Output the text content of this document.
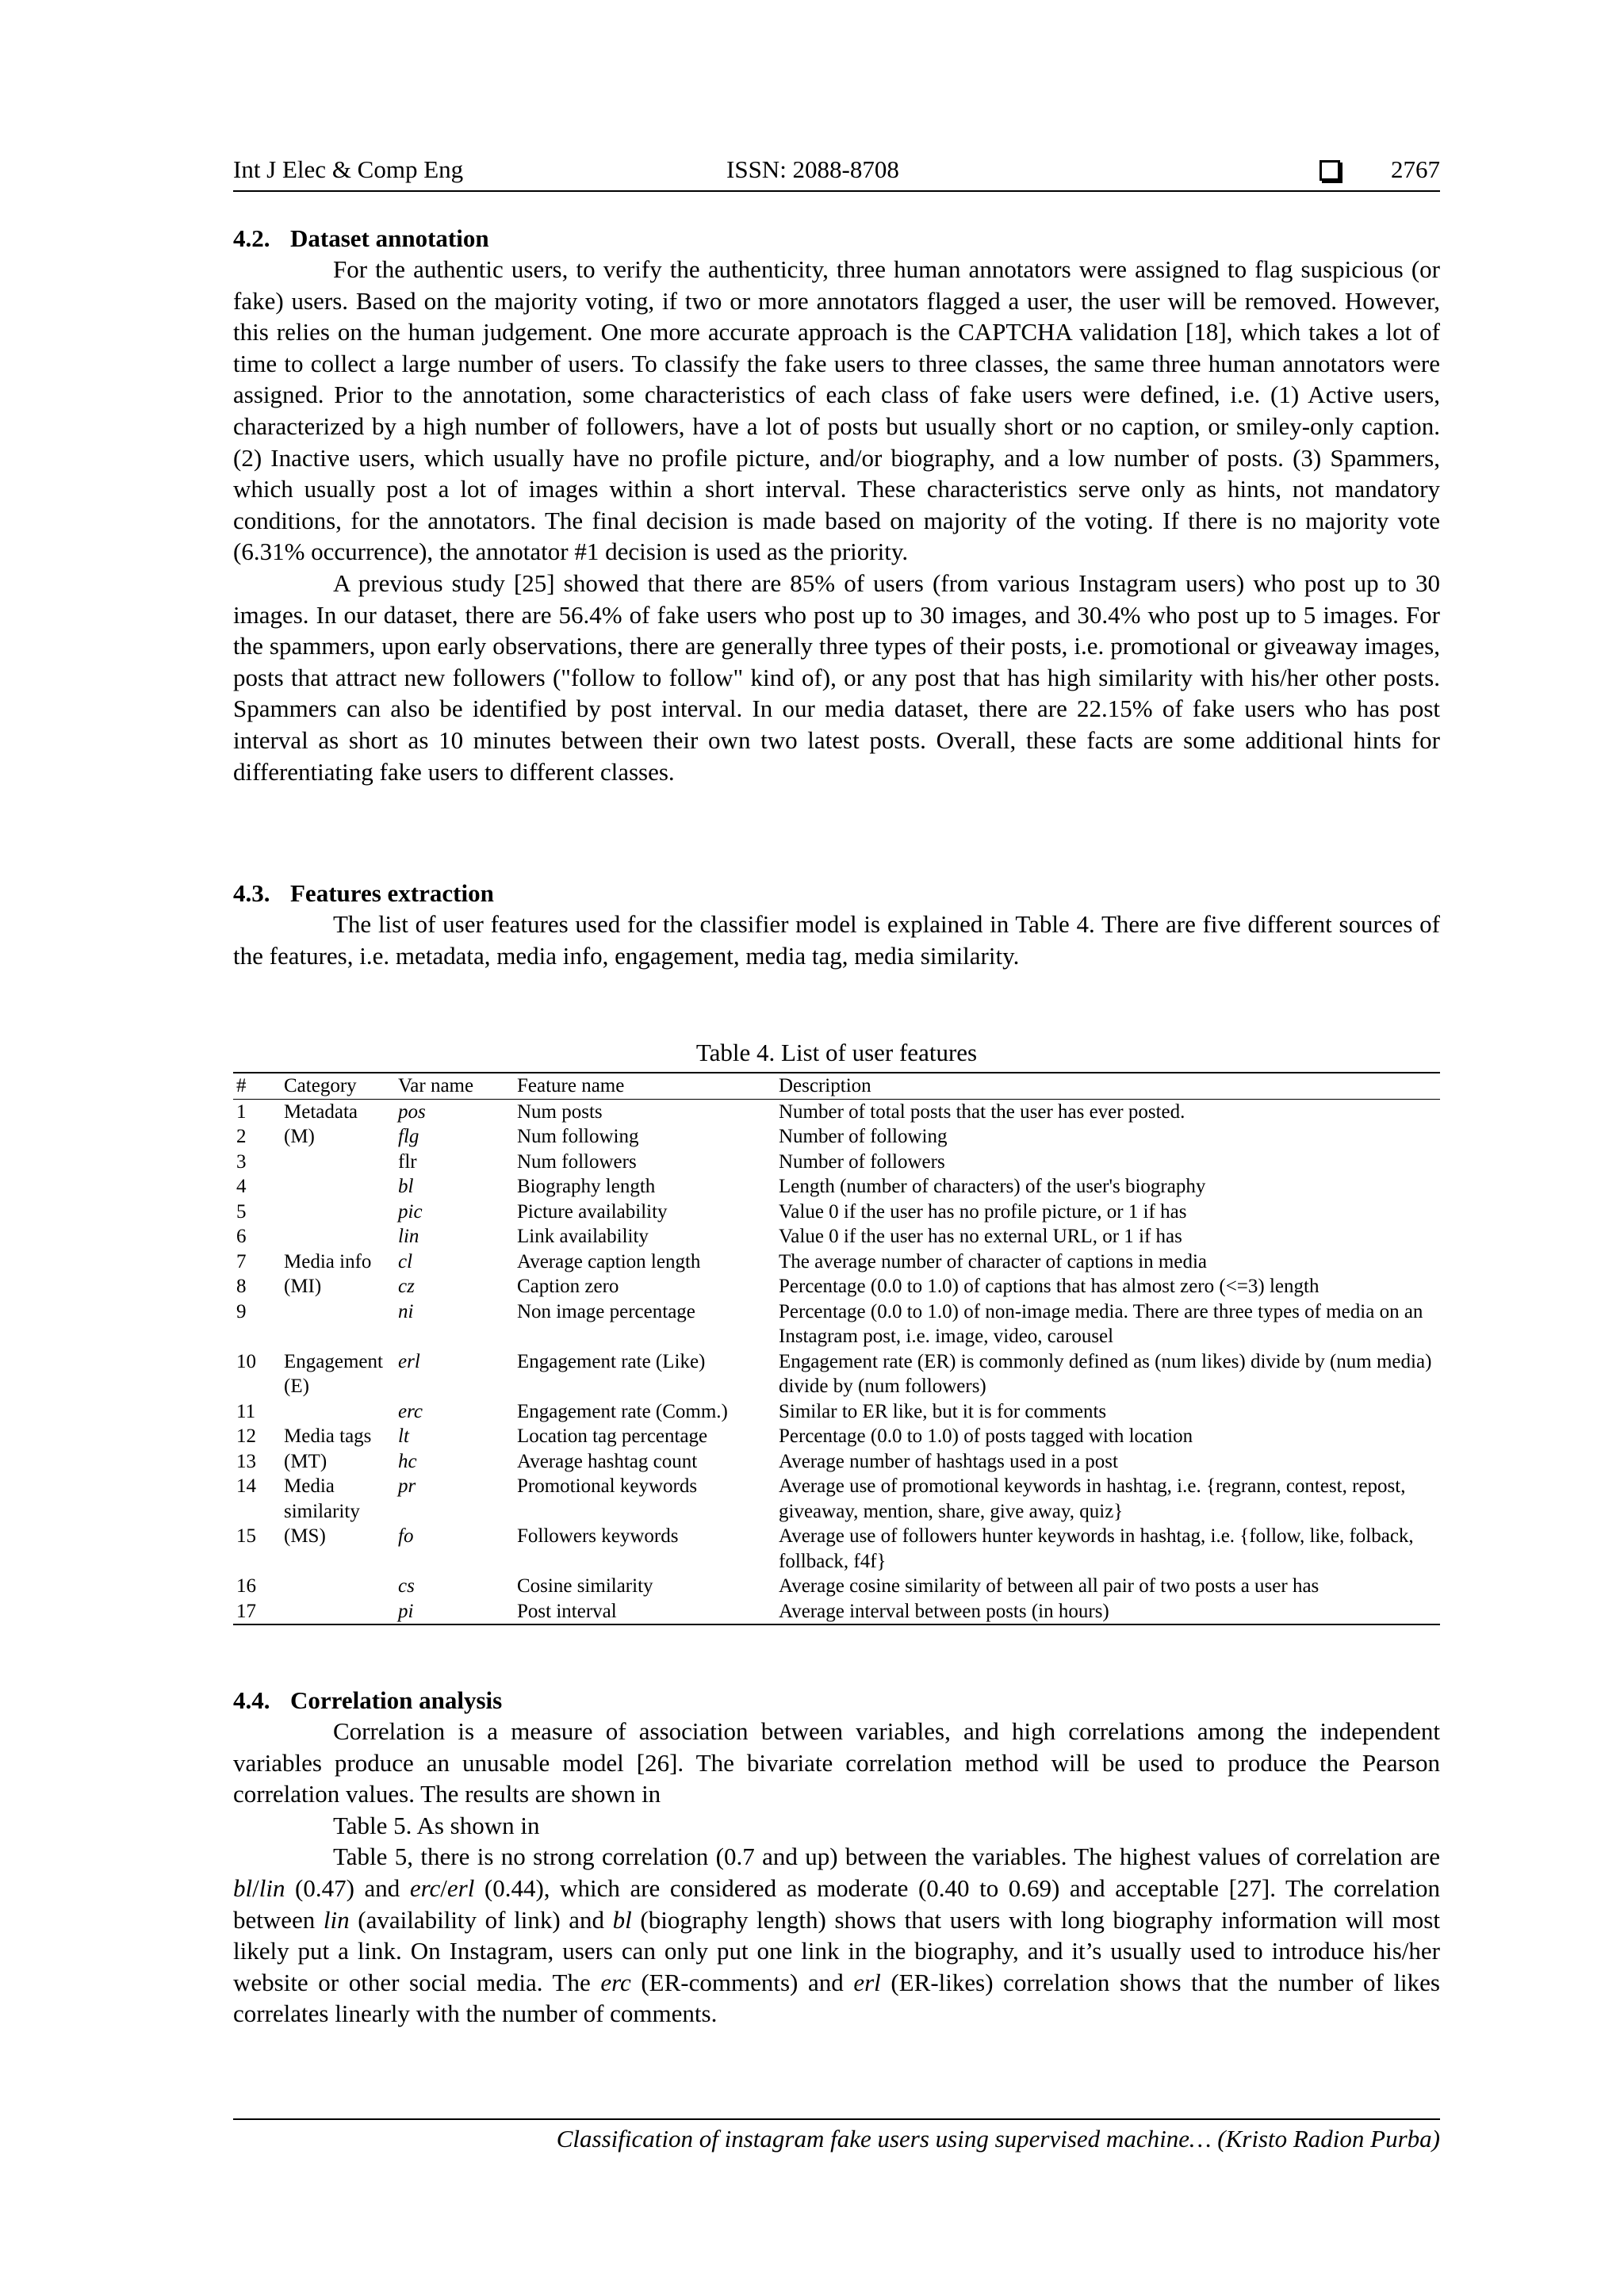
Int J Elec & Comp Eng	ISSN: 2088-8708	2767
4.2. Dataset annotation

For the authentic users, to verify the authenticity, three human annotators were assigned to flag suspicious (or fake) users. Based on the majority voting, if two or more annotators flagged a user, the user will be removed. However, this relies on the human judgement. One more accurate approach is the CAPTCHA validation [18], which takes a lot of time to collect a large number of users. To classify the fake users to three classes, the same three human annotators were assigned. Prior to the annotation, some characteristics of each class of fake users were defined, i.e. (1) Active users, characterized by a high number of followers, have a lot of posts but usually short or no caption, or smiley-only caption. (2) Inactive users, which usually have no profile picture, and/or biography, and a low number of posts. (3) Spammers, which usually post a lot of images within a short interval. These characteristics serve only as hints, not mandatory conditions, for the annotators. The final decision is made based on majority of the voting. If there is no majority vote (6.31% occurrence), the annotator #1 decision is used as the priority.

A previous study [25] showed that there are 85% of users (from various Instagram users) who post up to 30 images. In our dataset, there are 56.4% of fake users who post up to 30 images, and 30.4% who post up to 5 images. For the spammers, upon early observations, there are generally three types of their posts, i.e. promotional or giveaway images, posts that attract new followers ("follow to follow" kind of), or any post that has high similarity with his/her other posts. Spammers can also be identified by post interval. In our media dataset, there are 22.15% of fake users who has post interval as short as 10 minutes between their own two latest posts. Overall, these facts are some additional hints for differentiating fake users to different classes.

4.3. Features extraction

The list of user features used for the classifier model is explained in Table 4. There are five different sources of the features, i.e. metadata, media info, engagement, media tag, media similarity.

Table 4. List of user features
#	Category	Var name	Feature name	Description
1	Metadata	pos	Num posts	Number of total posts that the user has ever posted.
2	(M)	flg	Num following	Number of following
3		flr	Num followers	Number of followers
4		bl	Biography length	Length (number of characters) of the user's biography
5		pic	Picture availability	Value 0 if the user has no profile picture, or 1 if has
6		lin	Link availability	Value 0 if the user has no external URL, or 1 if has
7	Media info	cl	Average caption length	The average number of character of captions in media
8	(MI)	cz	Caption zero	Percentage (0.0 to 1.0) of captions that has almost zero (<=3) length
9		ni	Non image percentage	Percentage (0.0 to 1.0) of non-image media. There are three types of media on an Instagram post, i.e. image, video, carousel
10	Engagement (E)	erl	Engagement rate (Like)	Engagement rate (ER) is commonly defined as (num likes) divide by (num media) divide by (num followers)
11		erc	Engagement rate (Comm.)	Similar to ER like, but it is for comments
12	Media tags	lt	Location tag percentage	Percentage (0.0 to 1.0) of posts tagged with location
13	(MT)	hc	Average hashtag count	Average number of hashtags used in a post
14	Media similarity	pr	Promotional keywords	Average use of promotional keywords in hashtag, i.e. {regrann, contest, repost, giveaway, mention, share, give away, quiz}
15	(MS)	fo	Followers keywords	Average use of followers hunter keywords in hashtag, i.e. {follow, like, folback, follback, f4f}
16		cs	Cosine similarity	Average cosine similarity of between all pair of two posts a user has
17		pi	Post interval	Average interval between posts (in hours)
4.4. Correlation analysis

Correlation is a measure of association between variables, and high correlations among the independent variables produce an unusable model [26]. The bivariate correlation method will be used to produce the Pearson correlation values. The results are shown in

Table 5. As shown in

Table 5, there is no strong correlation (0.7 and up) between the variables. The highest values of correlation are bl/lin (0.47) and erc/erl (0.44), which are considered as moderate (0.40 to 0.69) and acceptable [27]. The correlation between lin (availability of link) and bl (biography length) shows that users with long biography information will most likely put a link. On Instagram, users can only put one link in the biography, and it’s usually used to introduce his/her website or other social media. The erc (ER-comments) and erl (ER-likes) correlation shows that the number of likes correlates linearly with the number of comments.

Classification of instagram fake users using supervised machine… (Kristo Radion Purba)
